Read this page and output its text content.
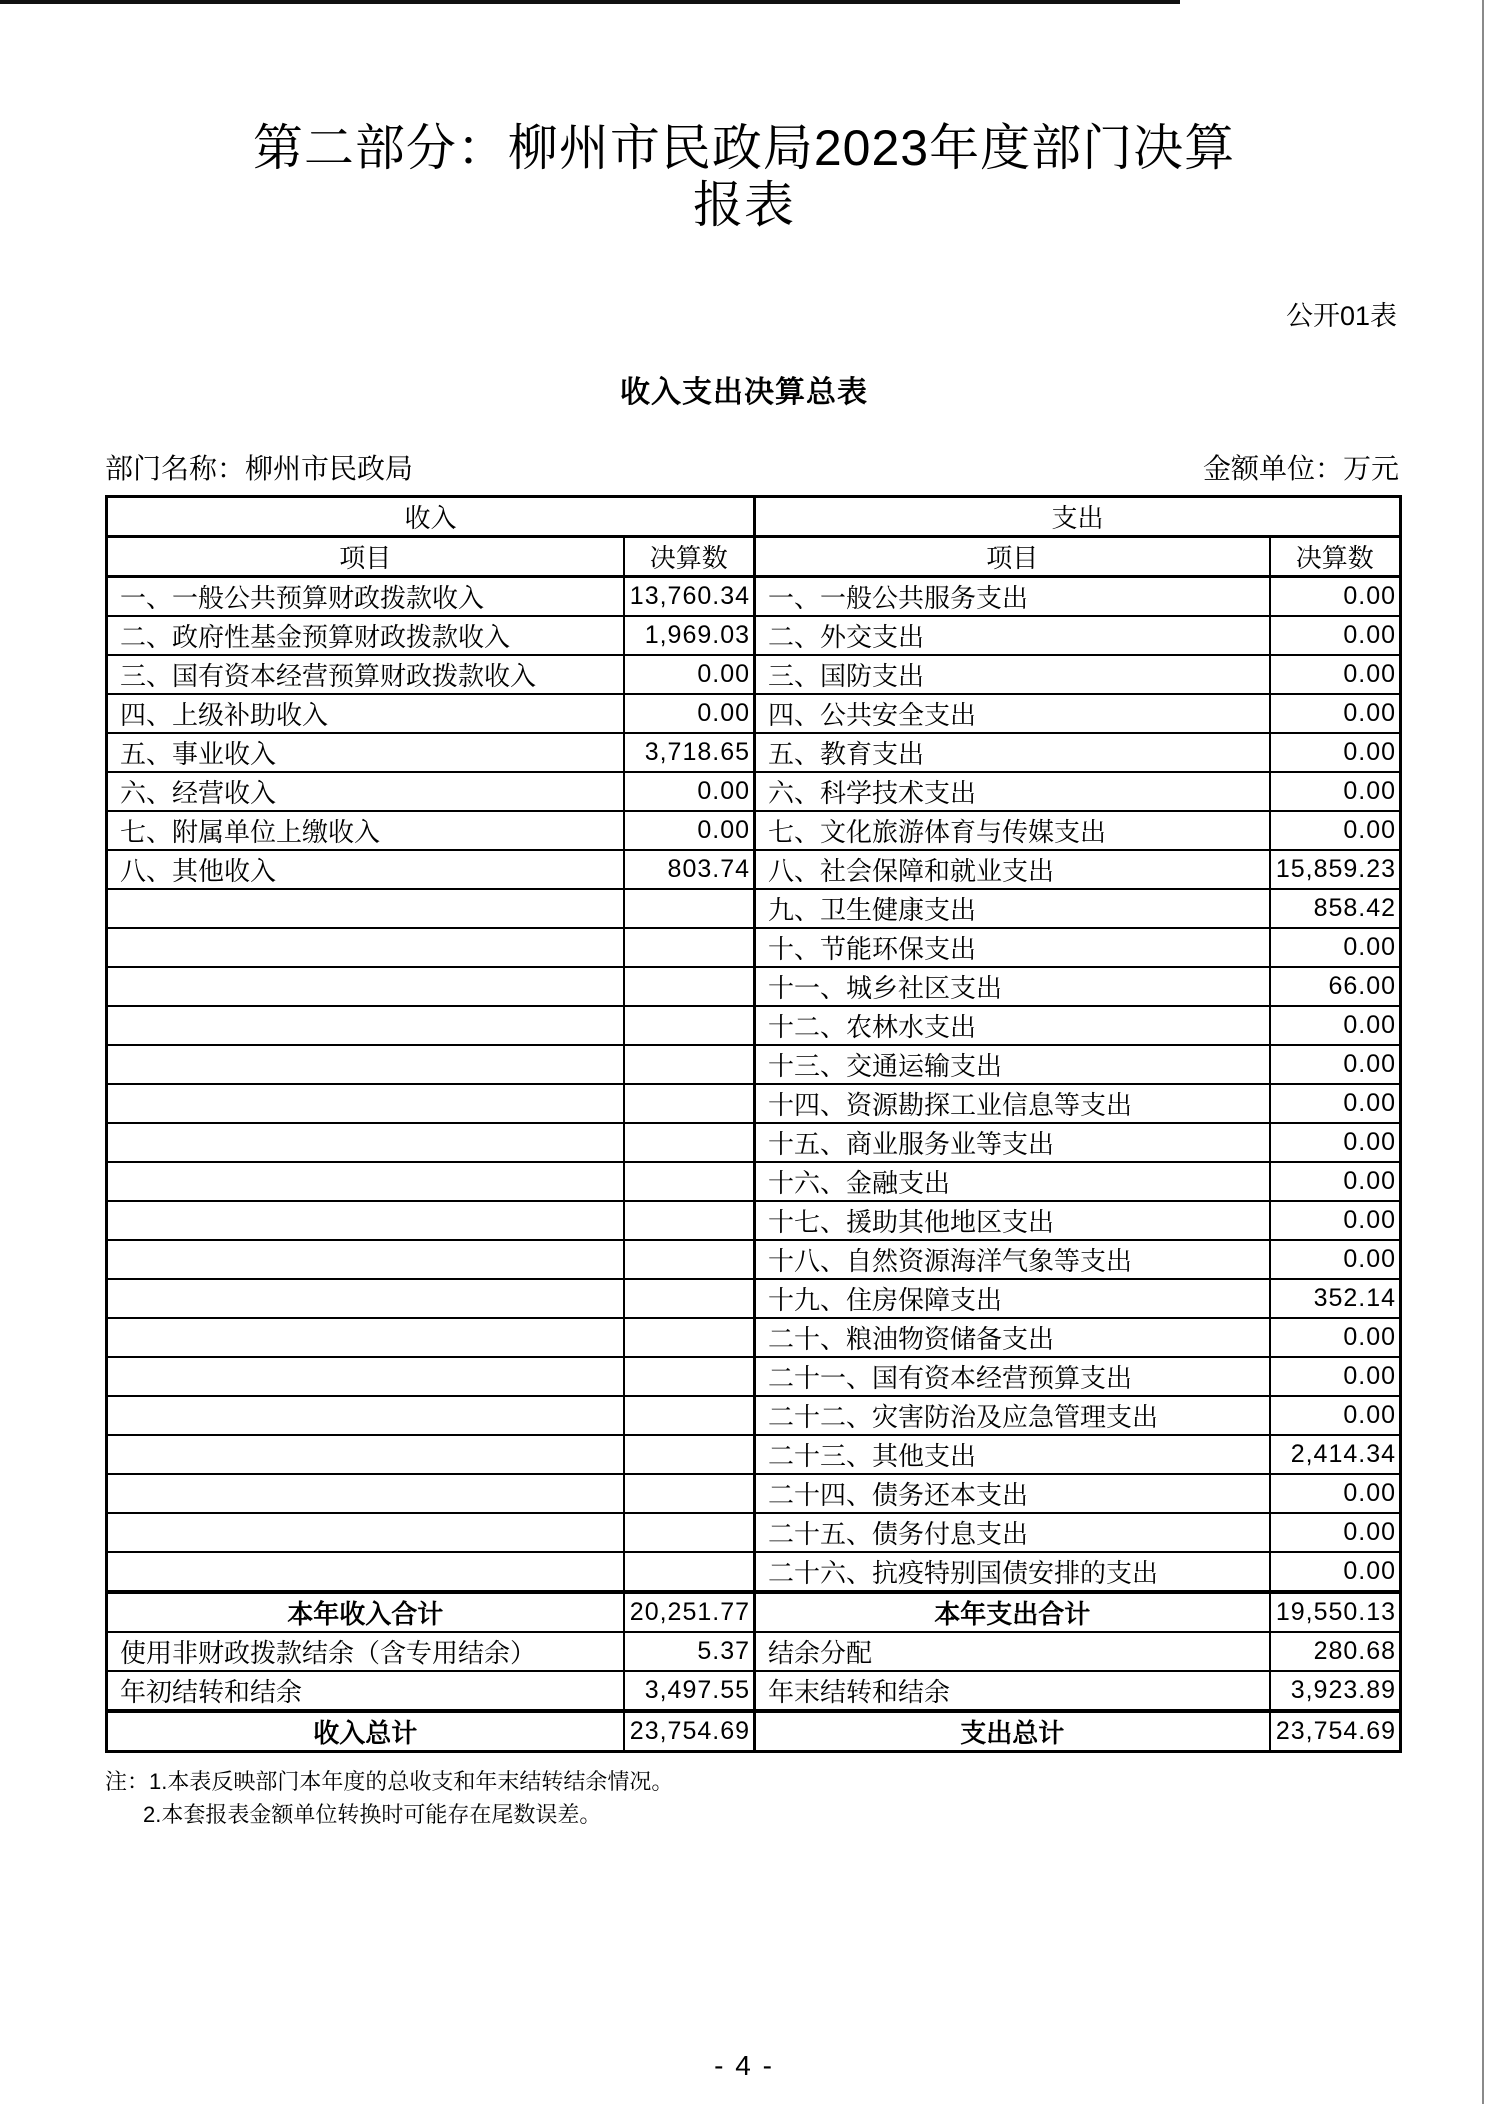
第二部分：柳州市民政局2023年度部门决算
报表
公开01表
收入支出决算总表
部门名称：柳州市民政局	金额单位：万元
收入		支出	
项目	决算数	项目	决算数
一、一般公共预算财政拨款收入	13,760.34	一、一般公共服务支出	0.00
二、政府性基金预算财政拨款收入	1,969.03	二、外交支出	0.00
三、国有资本经营预算财政拨款收入	0.00	三、国防支出	0.00
四、上级补助收入	0.00	四、公共安全支出	0.00
五、事业收入	3,718.65	五、教育支出	0.00
六、经营收入	0.00	六、科学技术支出	0.00
七、附属单位上缴收入	0.00	七、文化旅游体育与传媒支出	0.00
八、其他收入	803.74	八、社会保障和就业支出	15,859.23
		九、卫生健康支出	858.42
		十、节能环保支出	0.00
		十一、城乡社区支出	66.00
		十二、农林水支出	0.00
		十三、交通运输支出	0.00
		十四、资源勘探工业信息等支出	0.00
		十五、商业服务业等支出	0.00
		十六、金融支出	0.00
		十七、援助其他地区支出	0.00
		十八、自然资源海洋气象等支出	0.00
		十九、住房保障支出	352.14
		二十、粮油物资储备支出	0.00
		二十一、国有资本经营预算支出	0.00
		二十二、灾害防治及应急管理支出	0.00
		二十三、其他支出	2,414.34
		二十四、债务还本支出	0.00
		二十五、债务付息支出	0.00
		二十六、抗疫特别国债安排的支出	0.00
本年收入合计	20,251.77	本年支出合计	19,550.13
使用非财政拨款结余（含专用结余）	5.37	结余分配	280.68
年初结转和结余	3,497.55	年末结转和结余	3,923.89
收入总计	23,754.69	支出总计	23,754.69
注：1.本表反映部门本年度的总收支和年末结转结余情况。
2.本套报表金额单位转换时可能存在尾数误差。
- 4 -
